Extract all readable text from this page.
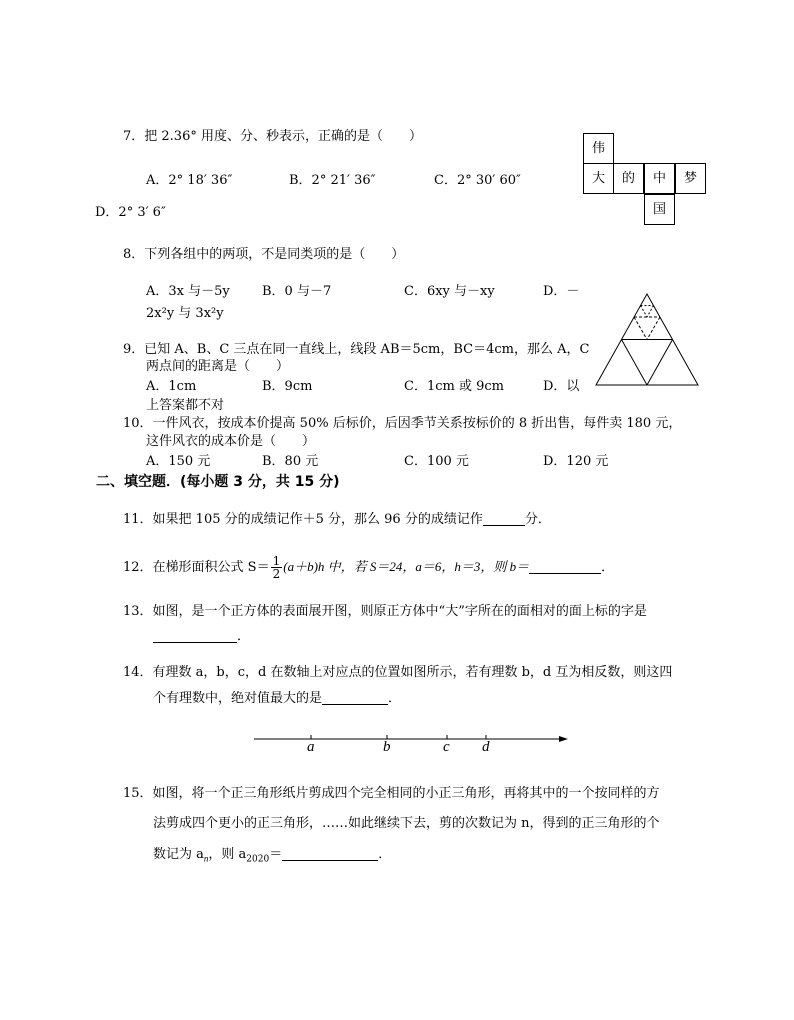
7．把 2.36° 用度、分、秒表示，正确的是（　　）
A．2° 18′ 36″	B．2° 21′ 36″	C．2° 30′ 60″
D．2° 3′ 6″
伟
大	的	中	梦
国
8．下列各组中的两项，不是同类项的是（　　）
A．3x 与－5y B．0 与－7	C．6xy 与－xy	D．－
2x²y 与 3x²y
9．已知 A、B、C 三点在同一直线上，线段 AB＝5cm，BC＝4cm，那么 A，C
两点间的距离是（　　）
A．1cm	B．9cm	C．1cm 或 9cm	D．以
上答案都不对
10．一件风衣，按成本价提高 50% 后标价，后因季节关系按标价的 8 折出售，每件卖 180 元，
这件风衣的成本价是（　　）
A．150 元	B．80 元	C．100 元	D．120 元
二、填空题．(每小题 3 分，共 15 分)
11．如果把 105 分的成绩记作＋5 分，那么 96 分的成绩记作	分．
12．在梯形面积公式 $S= \frac{1}{2} (a+b)h$ 中，若 S＝24，a＝6，h＝3，则 b＝	．
13．如图，是一个正方体的表面展开图，则原正方体中“大”字所在的面相对的面上标的字是
．
14．有理数 a，b，c，d 在数轴上对应点的位置如图所示，若有理数 b，d 互为相反数，则这四
个有理数中，绝对值最大的是	．
a	b	c d
15．如图，将一个正三角形纸片剪成四个完全相同的小正三角形，再将其中的一个按同样的方
法剪成四个更小的正三角形，……如此继续下去，剪的次数记为 n，得到的正三角形的个
数记为 $a_n$，则 $a_{2020}=$	．
